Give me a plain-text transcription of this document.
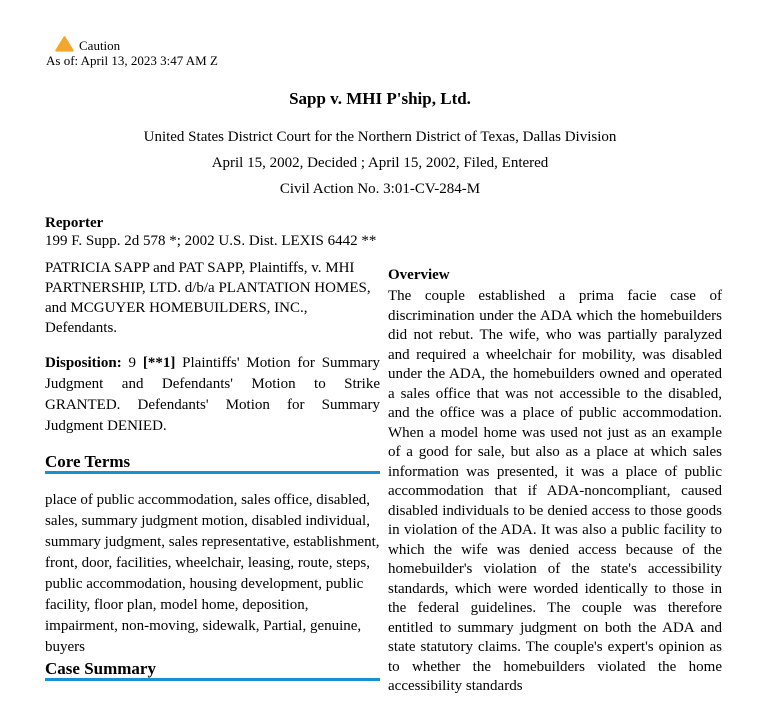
Caution
As of: April 13, 2023 3:47 AM Z
Sapp v. MHI P'ship, Ltd.
United States District Court for the Northern District of Texas, Dallas Division
April 15, 2002, Decided ; April 15, 2002, Filed, Entered
Civil Action No. 3:01-CV-284-M
Reporter
199 F. Supp. 2d 578 *; 2002 U.S. Dist. LEXIS 6442 **

PATRICIA SAPP and PAT SAPP, Plaintiffs, v. MHI PARTNERSHIP, LTD. d/b/a PLANTATION HOMES, and MCGUYER HOMEBUILDERS, INC., Defendants.

Disposition: 9 [**1] Plaintiffs' Motion for Summary Judgment and Defendants' Motion to Strike GRANTED. Defendants' Motion for Summary Judgment DENIED.

Core Terms

place of public accommodation, sales office, disabled, sales, summary judgment motion, disabled individual, summary judgment, sales representative, establishment, front, door, facilities, wheelchair, leasing, route, steps, public accommodation, housing development, public facility, floor plan, model home, deposition, impairment, non-moving, sidewalk, Partial, genuine, buyers

Case Summary
Overview

The couple established a prima facie case of discrimination under the ADA which the homebuilders did not rebut. The wife, who was partially paralyzed and required a wheelchair for mobility, was disabled under the ADA, the homebuilders owned and operated a sales office that was not accessible to the disabled, and the office was a place of public accommodation. When a model home was used not just as an example of a good for sale, but also as a place at which sales information was presented, it was a place of public accommodation that if ADA-noncompliant, caused disabled individuals to be denied access to those goods in violation of the ADA. It was also a public facility to which the wife was denied access because of the homebuilder's violation of the state's accessibility standards, which were worded identically to those in the federal guidelines. The couple was therefore entitled to summary judgment on both the ADA and state statutory claims. The couple's expert's opinion as to whether the homebuilders violated the home accessibility standards
